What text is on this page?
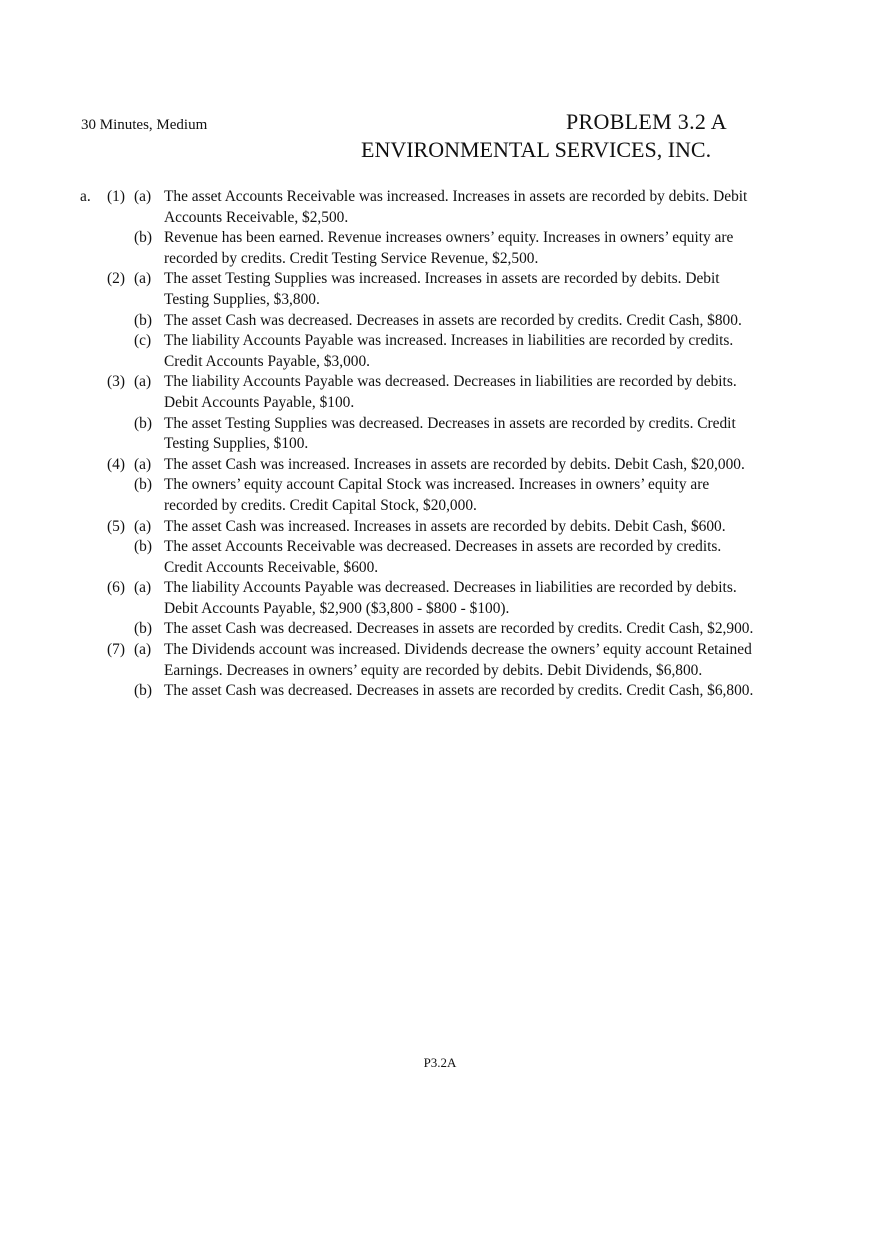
30 Minutes, Medium	PROBLEM 3.2 A
ENVIRONMENTAL SERVICES, INC.
a.	(1) (a) The asset Accounts Receivable was increased. Increases in assets are recorded by debits. Debit Accounts Receivable, $2,500.
(b) Revenue has been earned. Revenue increases owners’ equity. Increases in owners’ equity are recorded by credits. Credit Testing Service Revenue, $2,500.
(2) (a) The asset Testing Supplies was increased. Increases in assets are recorded by debits. Debit Testing Supplies, $3,800.
(b) The asset Cash was decreased. Decreases in assets are recorded by credits. Credit Cash, $800.
(c) The liability Accounts Payable was increased. Increases in liabilities are recorded by credits. Credit Accounts Payable, $3,000.
(3) (a) The liability Accounts Payable was decreased. Decreases in liabilities are recorded by debits. Debit Accounts Payable, $100.
(b) The asset Testing Supplies was decreased. Decreases in assets are recorded by credits. Credit Testing Supplies, $100.
(4) (a) The asset Cash was increased. Increases in assets are recorded by debits. Debit Cash, $20,000.
(b) The owners’ equity account Capital Stock was increased. Increases in owners’ equity are recorded by credits. Credit Capital Stock, $20,000.
(5) (a) The asset Cash was increased. Increases in assets are recorded by debits. Debit Cash, $600.
(b) The asset Accounts Receivable was decreased. Decreases in assets are recorded by credits. Credit Accounts Receivable, $600.
(6) (a) The liability Accounts Payable was decreased. Decreases in liabilities are recorded by debits. Debit Accounts Payable, $2,900 ($3,800 - $800 - $100).
(b) The asset Cash was decreased. Decreases in assets are recorded by credits. Credit Cash, $2,900.
(7) (a) The Dividends account was increased. Dividends decrease the owners’ equity account Retained Earnings. Decreases in owners’ equity are recorded by debits. Debit Dividends, $6,800.
(b) The asset Cash was decreased. Decreases in assets are recorded by credits. Credit Cash, $6,800.
P3.2A
